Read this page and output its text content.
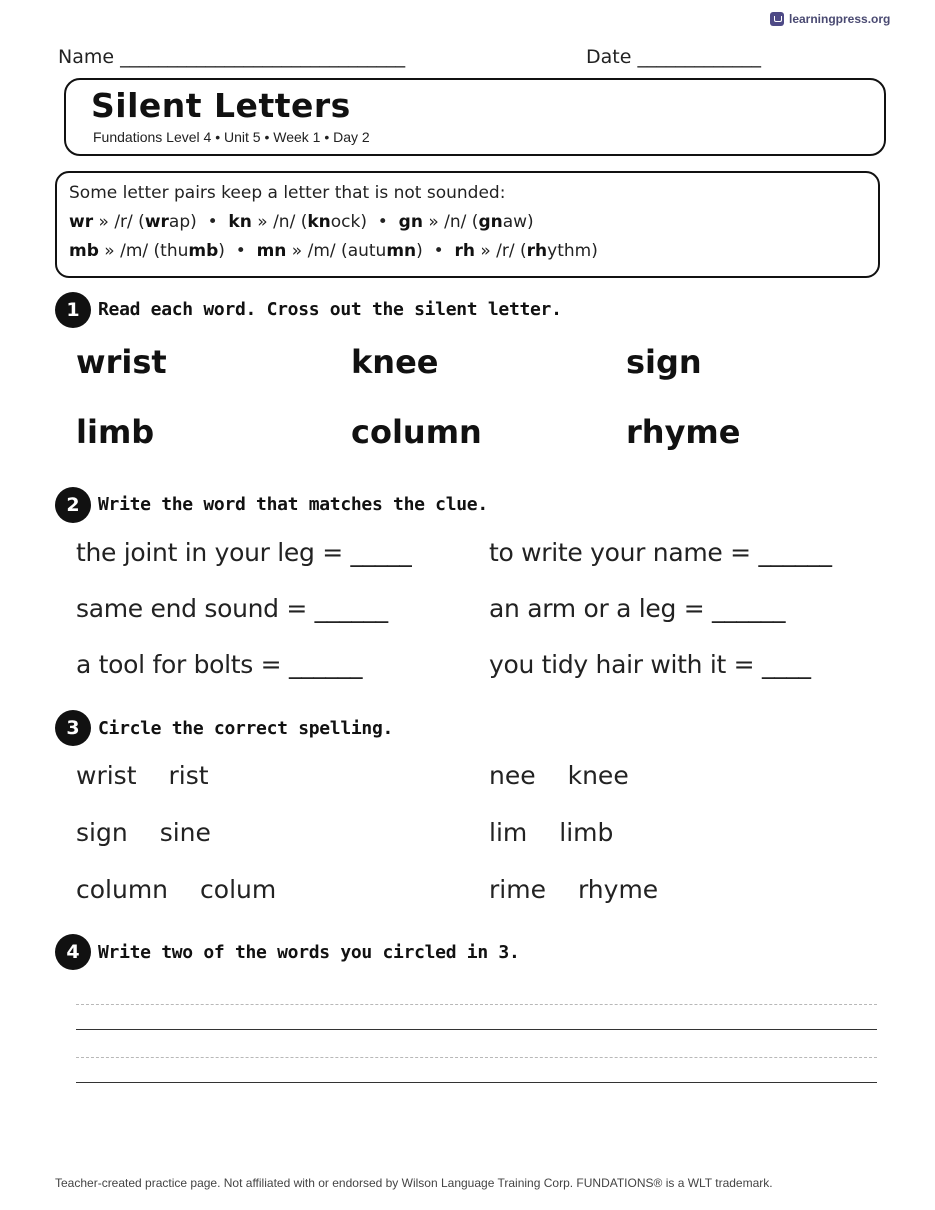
learningpress.org
Name ______________________________	Date _____________
Silent Letters
Fundations Level 4 • Unit 5 • Week 1 • Day 2
Some letter pairs keep a letter that is not sounded:
wr » /r/ (wrap)  •  kn » /n/ (knock)  •  gn » /n/ (gnaw)
mb » /m/ (thumb)  •  mn » /m/ (autumn)  •  rh » /r/ (rhythm)
1	Read each word. Cross out the silent letter.
wrist	knee	sign
limb	column	rhyme
2	Write the word that matches the clue.
the joint in your leg = _____	to write your name = ______
same end sound = ______	an arm or a leg = ______
a tool for bolts = ______	you tidy hair with it = ____
3	Circle the correct spelling.
wrist rist	nee knee
sign sine	lim limb
column colum	rime rhyme
4	Write two of the words you circled in 3.
Teacher-created practice page. Not affiliated with or endorsed by Wilson Language Training Corp. FUNDATIONS® is a WLT trademark.
